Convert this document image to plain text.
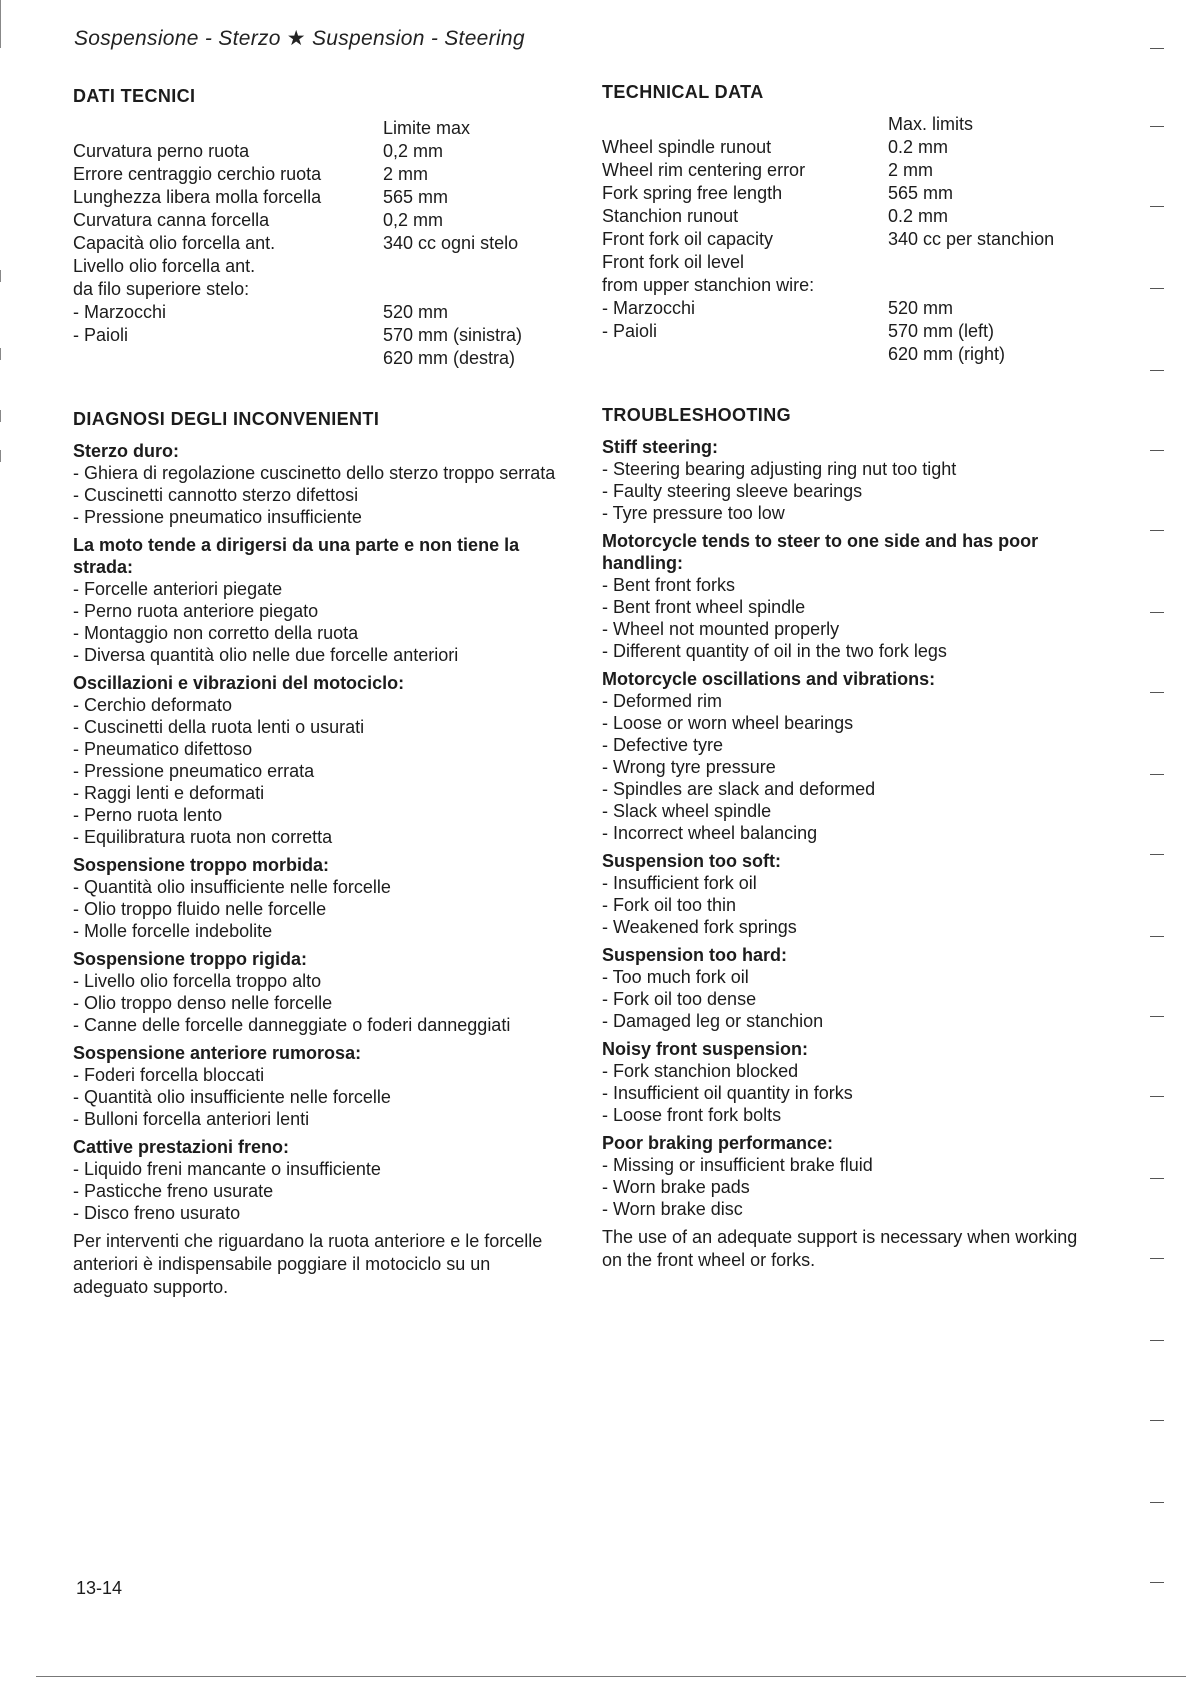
Sospensione - Sterzo ★ Suspension - Steering
DATI TECNICI
Limite max
Curvatura perno ruota	0,2 mm
Errore centraggio cerchio ruota	2 mm
Lunghezza libera molla forcella	565 mm
Curvatura canna forcella	0,2 mm
Capacità olio forcella ant.	340 cc ogni stelo
Livello olio forcella ant.
da filo superiore stelo:
- Marzocchi	520 mm
- Paioli	570 mm (sinistra)
620 mm (destra)
TECHNICAL DATA
Max. limits
Wheel spindle runout	0.2 mm
Wheel rim centering error	2 mm
Fork spring free length	565 mm
Stanchion runout	0.2 mm
Front fork oil capacity	340 cc per stanchion
Front fork oil level
from upper stanchion wire:
- Marzocchi	520 mm
- Paioli	570 mm (left)
620 mm (right)
DIAGNOSI DEGLI INCONVENIENTI
Sterzo duro:
- Ghiera di regolazione cuscinetto dello sterzo troppo serrata
- Cuscinetti cannotto sterzo difettosi
- Pressione pneumatico insufficiente
La moto tende a dirigersi da una parte e non tiene la strada:
- Forcelle anteriori piegate
- Perno ruota anteriore piegato
- Montaggio non corretto della ruota
- Diversa quantità olio nelle due forcelle anteriori
Oscillazioni e vibrazioni del motociclo:
- Cerchio deformato
- Cuscinetti della ruota lenti o usurati
- Pneumatico difettoso
- Pressione pneumatico errata
- Raggi lenti e deformati
- Perno ruota lento
- Equilibratura ruota non corretta
Sospensione troppo morbida:
- Quantità olio insufficiente nelle forcelle
- Olio troppo fluido nelle forcelle
- Molle forcelle indebolite
Sospensione troppo rigida:
- Livello olio forcella troppo alto
- Olio troppo denso nelle forcelle
- Canne delle forcelle danneggiate o foderi danneggiati
Sospensione anteriore rumorosa:
- Foderi forcella bloccati
- Quantità olio insufficiente nelle forcelle
- Bulloni forcella anteriori lenti
Cattive prestazioni freno:
- Liquido freni mancante o insufficiente
- Pasticche freno usurate
- Disco freno usurato
Per interventi che riguardano la ruota anteriore e le forcelle anteriori è indispensabile poggiare il motociclo su un adeguato supporto.
TROUBLESHOOTING
Stiff steering:
- Steering bearing adjusting ring nut too tight
- Faulty steering sleeve bearings
- Tyre pressure too low
Motorcycle tends to steer to one side and has poor handling:
- Bent front forks
- Bent front wheel spindle
- Wheel not mounted properly
- Different quantity of oil in the two fork legs
Motorcycle oscillations and vibrations:
- Deformed rim
- Loose or worn wheel bearings
- Defective tyre
- Wrong tyre pressure
- Spindles are slack and deformed
- Slack wheel spindle
- Incorrect wheel balancing
Suspension too soft:
- Insufficient fork oil
- Fork oil too thin
- Weakened fork springs
Suspension too hard:
- Too much fork oil
- Fork oil too dense
- Damaged leg or stanchion
Noisy front suspension:
- Fork stanchion blocked
- Insufficient oil quantity in forks
- Loose front fork bolts
Poor braking performance:
- Missing or insufficient brake fluid
- Worn brake pads
- Worn brake disc
The use of an adequate support is necessary when working on the front wheel or forks.
13-14
